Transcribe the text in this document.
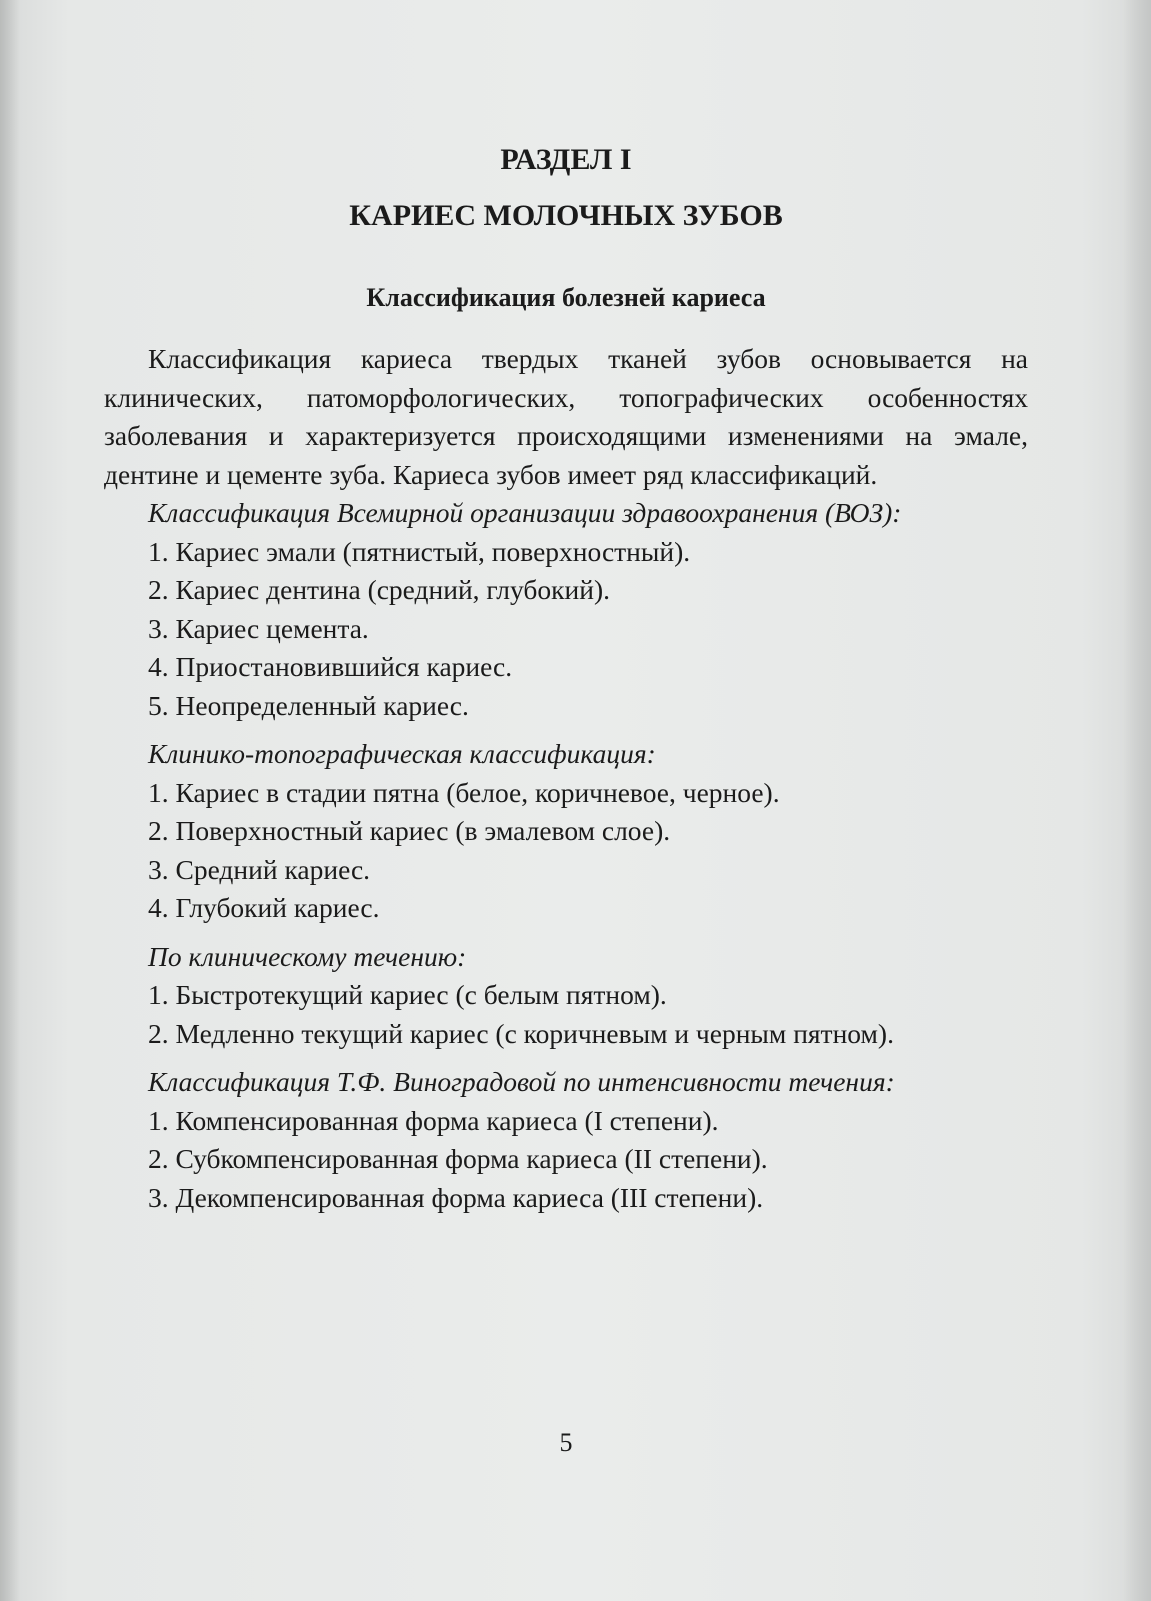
РАЗДЕЛ I
КАРИЕС МОЛОЧНЫХ ЗУБОВ
Классификация болезней кариеса

Классификация кариеса твердых тканей зубов основывается на клинических, патоморфологических, топографических особенностях заболевания и характеризуется происходящими изменениями на эмале, дентине и цементе зуба. Кариеса зубов имеет ряд классификаций.

Классификация Всемирной организации здравоохранения (ВОЗ):

1. Кариес эмали (пятнистый, поверхностный).
2. Кариес дентина (средний, глубокий).
3. Кариес цемента.
4. Приостановившийся кариес.
5. Неопределенный кариес.

Клинико-топографическая классификация:

1. Кариес в стадии пятна (белое, коричневое, черное).
2. Поверхностный кариес (в эмалевом слое).
3. Средний кариес.
4. Глубокий кариес.

По клиническому течению:

1. Быстротекущий кариес (с белым пятном).
2. Медленно текущий кариес (с коричневым и черным пятном).

Классификация Т.Ф. Виноградовой по интенсивности течения:

1. Компенсированная форма кариеса (I степени).
2. Субкомпенсированная форма кариеса (II степени).
3. Декомпенсированная форма кариеса (III степени).
5
